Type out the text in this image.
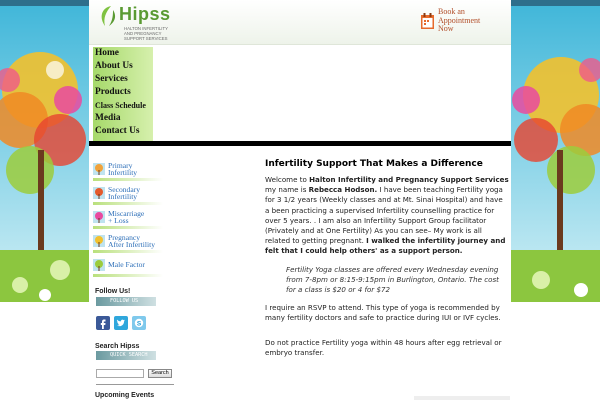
Hipss
HALTON INFERTILITY
AND PREGNANCY
SUPPORT SERVICES
Book an
Appointment Now
Home
About Us
Services
Products
Class Schedule
Media
Contact Us
Primary
Infertility
Secondary
Infertility
Miscarriage
+ Loss
Pregnancy
After Infertility
Male Factor
Follow Us!
FOLLOW US
S
Search Hipss
QUICK SEARCH
Search
Upcoming Events
Infertility Support That Makes a Difference

Welcome to Halton Infertility and Pregnancy Support Services my name is Rebecca Hodson. I have been teaching Fertility yoga for 3 1/2 years (Weekly classes and at Mt. Sinai Hospital) and have a been practicing a supervised Infertility counselling practice for over 5 years. . I am also an Infertility Support Group facilitator (Privately and at One Fertility) As you can see– My work is all related to getting pregnant. I walked the infertility journey and felt that I could help others' as a support person.

Fertility Yoga classes are offered every Wednesday evening from 7-8pm or 8:15-9:15pm in Burlington, Ontario. The cost for a class is $20 or 4 for $72

I require an RSVP to attend. This type of yoga is recommended by many fertility doctors and safe to practice during IUI or IVF cycles.

Do not practice Fertility yoga within 48 hours after egg retrieval or embryo transfer.
